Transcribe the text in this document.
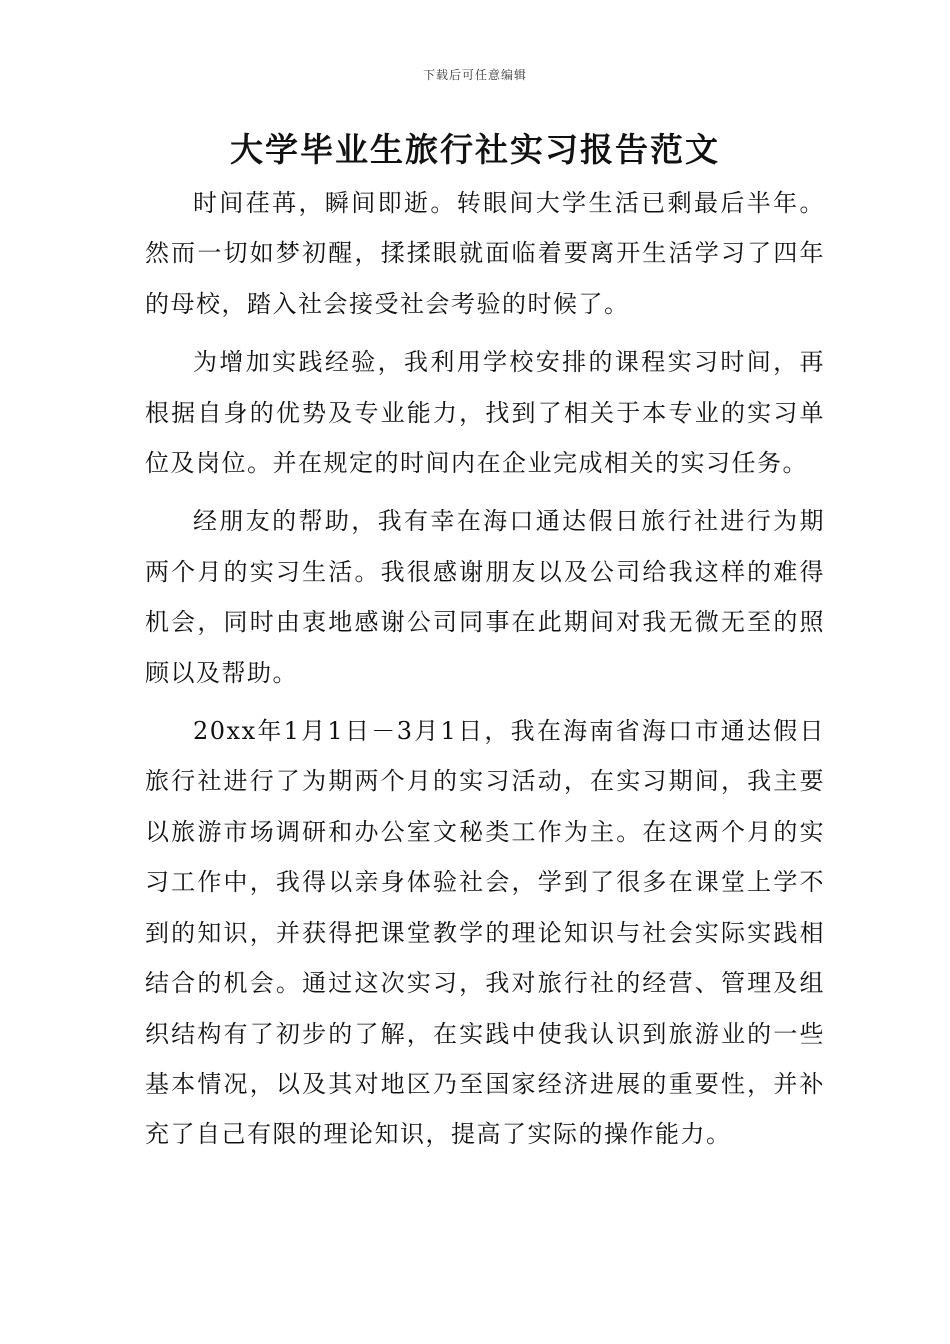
下载后可任意编辑
大学毕业生旅行社实习报告范文

时间荏苒，瞬间即逝。转眼间大学生活已剩最后半年。然而一切如梦初醒，揉揉眼就面临着要离开生活学习了四年的母校，踏入社会接受社会考验的时候了。

为增加实践经验，我利用学校安排的课程实习时间，再根据自身的优势及专业能力，找到了相关于本专业的实习单位及岗位。并在规定的时间内在企业完成相关的实习任务。

经朋友的帮助，我有幸在海口通达假日旅行社进行为期两个月的实习生活。我很感谢朋友以及公司给我这样的难得机会，同时由衷地感谢公司同事在此期间对我无微无至的照顾以及帮助。

20xx年1月1日－3月1日，我在海南省海口市通达假日旅行社进行了为期两个月的实习活动，在实习期间，我主要以旅游市场调研和办公室文秘类工作为主。在这两个月的实习工作中，我得以亲身体验社会，学到了很多在课堂上学不到的知识，并获得把课堂教学的理论知识与社会实际实践相结合的机会。通过这次实习，我对旅行社的经营、管理及组织结构有了初步的了解，在实践中使我认识到旅游业的一些基本情况，以及其对地区乃至国家经济进展的重要性，并补充了自己有限的理论知识，提高了实际的操作能力。
